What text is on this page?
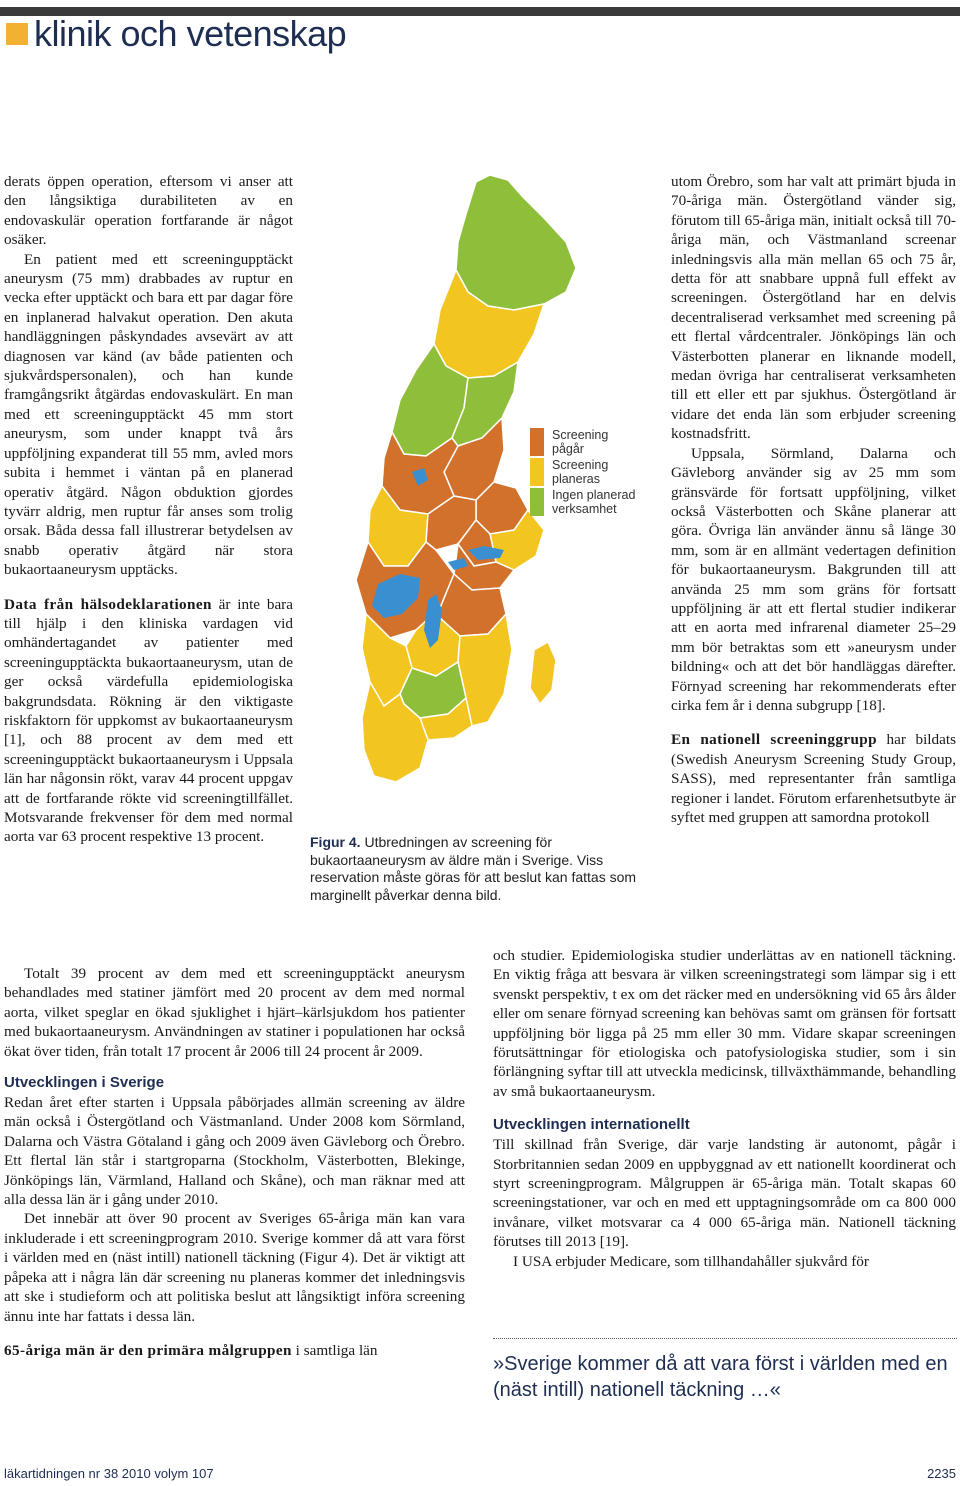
klinik och vetenskap

derats öppen operation, eftersom vi anser att den långsiktiga durabiliteten av en endovaskulär operation fortfarande är något osäker.

En patient med ett screeningupptäckt aneurysm (75 mm) drabbades av ruptur en vecka efter upptäckt och bara ett par dagar före en inplanerad halvakut operation. Den akuta handläggningen påskyndades avsevärt av att diagnosen var känd (av både patienten och sjukvårdspersonalen), och han kunde framgångsrikt åtgärdas endovaskulärt. En man med ett screeningupptäckt 45 mm stort aneurysm, som under knappt två års uppföljning expanderat till 55 mm, avled mors subita i hemmet i väntan på en planerad operativ åtgärd. Någon obduktion gjordes tyvärr aldrig, men ruptur får anses som trolig orsak. Båda dessa fall illustrerar betydelsen av snabb operativ åtgärd när stora bukaortaaneurysm upptäcks.

Data från hälsodeklarationen är inte bara till hjälp i den kliniska vardagen vid omhändertagandet av patienter med screeningupptäckta bukaortaaneurysm, utan de ger också värdefulla epidemiologiska bakgrundsdata. Rökning är den viktigaste riskfaktorn för uppkomst av bukaortaaneurysm [1], och 88 procent av dem med ett screeningupptäckt bukaortaaneurysm i Uppsala län har någonsin rökt, varav 44 procent uppgav att de fortfarande rökte vid screeningtillfället. Motsvarande frekvenser för dem med normal aorta var 63 procent respektive 13 procent.

Totalt 39 procent av dem med ett screeningupptäckt aneurysm behandlades med statiner jämfört med 20 procent av dem med normal aorta, vilket speglar en ökad sjuklighet i hjärt–kärlsjukdom hos patienter med bukaortaaneurysm. Användningen av statiner i populationen har också ökat över tiden, från totalt 17 procent år 2006 till 24 procent år 2009.

Utvecklingen i Sverige

Redan året efter starten i Uppsala påbörjades allmän screening av äldre män också i Östergötland och Västmanland. Under 2008 kom Sörmland, Dalarna och Västra Götaland i gång och 2009 även Gävleborg och Örebro. Ett flertal län står i startgroparna (Stockholm, Västerbotten, Blekinge, Jönköpings län, Värmland, Halland och Skåne), och man räknar med att alla dessa län är i gång under 2010.

Det innebär att över 90 procent av Sveriges 65-åriga män kan vara inkluderade i ett screeningprogram 2010. Sverige kommer då att vara först i världen med en (näst intill) nationell täckning (Figur 4). Det är viktigt att påpeka att i några län där screening nu planeras kommer det inledningsvis att ske i studieform och att politiska beslut att långsiktigt införa screening ännu inte har fattats i dessa län.

65-åriga män är den primära målgruppen i samtliga län

Screening pågår
Screening planeras
Ingen planerad verksamhet
Figur 4. Utbredningen av screening för bukaortaaneurysm av äldre män i Sverige. Viss reservation måste göras för att beslut kan fattas som marginellt påverkar denna bild.

utom Örebro, som har valt att primärt bjuda in 70-åriga män. Östergötland vänder sig, förutom till 65-åriga män, initialt också till 70-åriga män, och Västmanland screenar inledningsvis alla män mellan 65 och 75 år, detta för att snabbare uppnå full effekt av screeningen. Östergötland har en delvis decentraliserad verksamhet med screening på ett flertal vårdcentraler. Jönköpings län och Västerbotten planerar en liknande modell, medan övriga har centraliserat verksamheten till ett eller ett par sjukhus. Östergötland är vidare det enda län som erbjuder screening kostnadsfritt.

Uppsala, Sörmland, Dalarna och Gävleborg använder sig av 25 mm som gränsvärde för fortsatt uppföljning, vilket också Västerbotten och Skåne planerar att göra. Övriga län använder ännu så länge 30 mm, som är en allmänt vedertagen definition för bukaortaaneurysm. Bakgrunden till att använda 25 mm som gräns för fortsatt uppföljning är att ett flertal studier indikerar att en aorta med infrarenal diameter 25–29 mm bör betraktas som ett »aneurysm under bildning« och att det bör handläggas därefter. Förnyad screening har rekommenderats efter cirka fem år i denna subgrupp [18].

En nationell screeninggrupp har bildats (Swedish Aneurysm Screening Study Group, SASS), med representanter från samtliga regioner i landet. Förutom erfarenhetsutbyte är syftet med gruppen att samordna protokoll

och studier. Epidemiologiska studier underlättas av en nationell täckning. En viktig fråga att besvara är vilken screeningstrategi som lämpar sig i ett svenskt perspektiv, t ex om det räcker med en undersökning vid 65 års ålder eller om senare förnyad screening kan behövas samt om gränsen för fortsatt uppföljning bör ligga på 25 mm eller 30 mm. Vidare skapar screeningen förutsättningar för etiologiska och patofysiologiska studier, som i sin förlängning syftar till att utveckla medicinsk, tillväxthämmande, behandling av små bukaortaaneurysm.

Utvecklingen internationellt

Till skillnad från Sverige, där varje landsting är autonomt, pågår i Storbritannien sedan 2009 en uppbyggnad av ett nationellt koordinerat och styrt screeningprogram. Målgruppen är 65-åriga män. Totalt skapas 60 screeningstationer, var och en med ett upptagningsområde om ca 800 000 invånare, vilket motsvarar ca 4 000 65-åriga män. Nationell täckning förutses till 2013 [19].

I USA erbjuder Medicare, som tillhandahåller sjukvård för

»Sverige kommer då att vara först i världen med en (näst intill) nationell täckning …«
läkartidningen nr 38 2010 volym 107	2235
